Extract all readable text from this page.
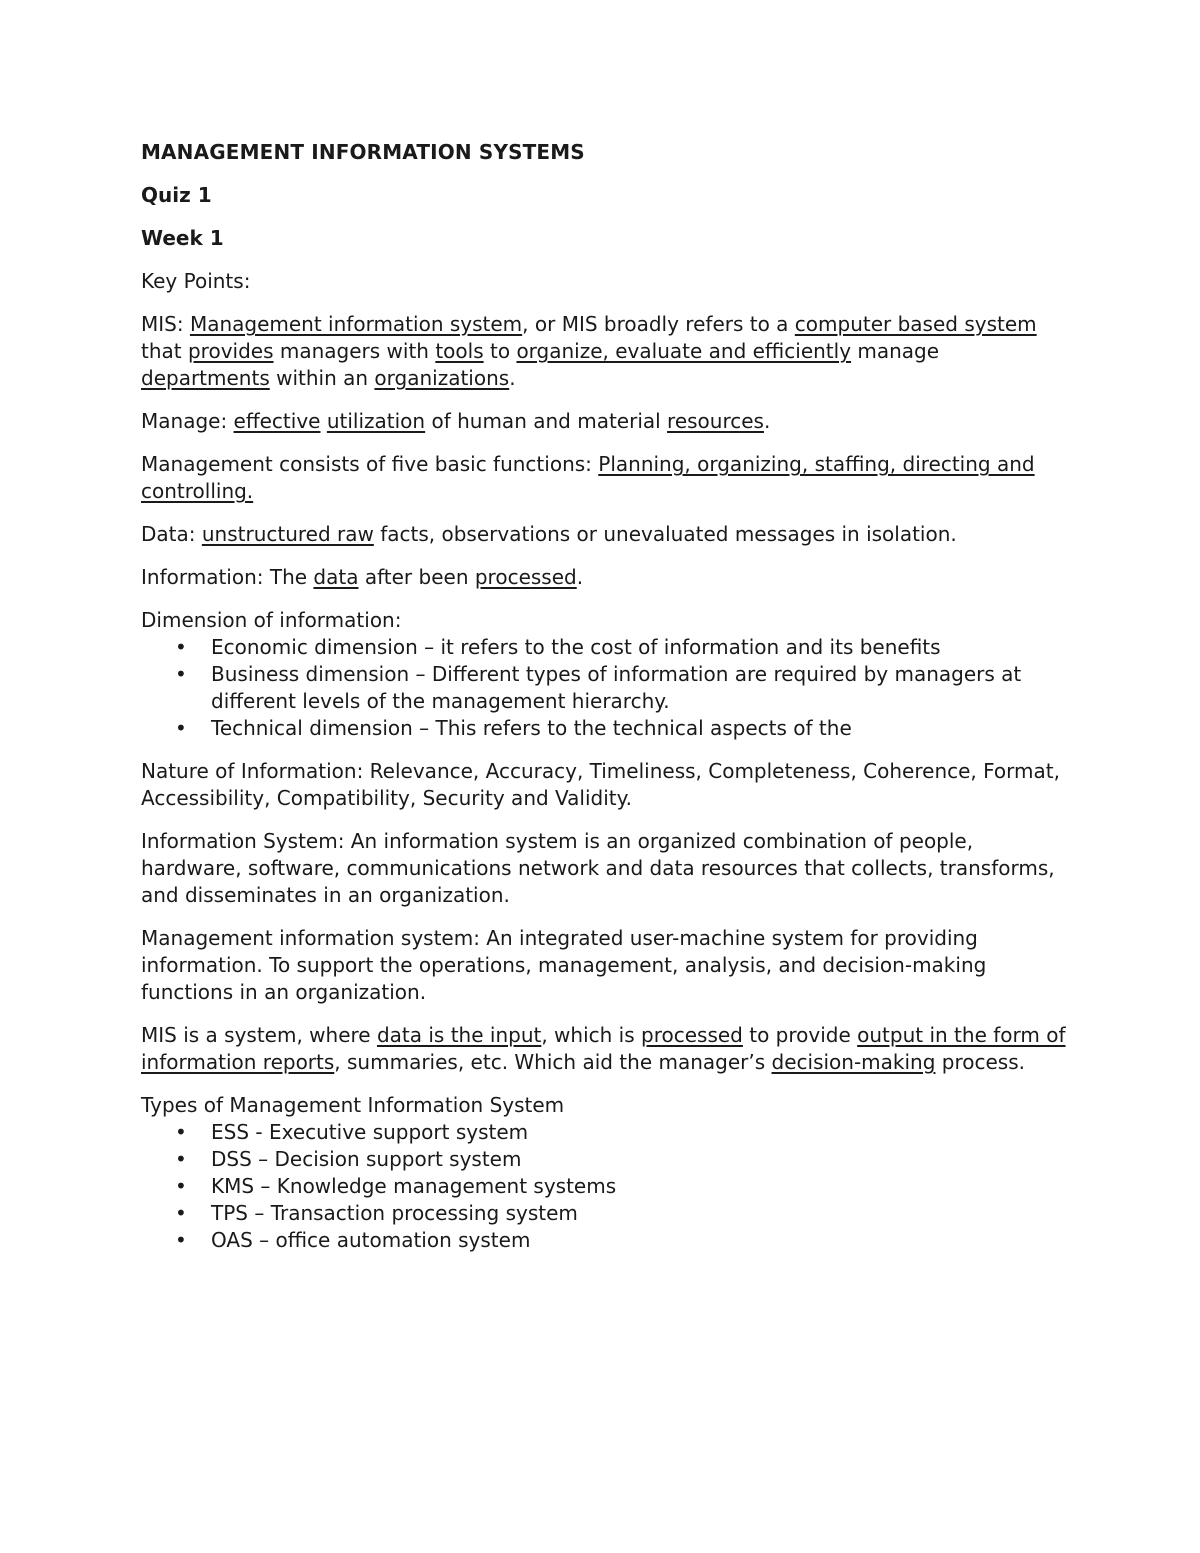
MANAGEMENT INFORMATION SYSTEMS
Quiz 1
Week 1
Key Points:
MIS: Management information system, or MIS broadly refers to a computer based system that provides managers with tools to organize, evaluate and efficiently manage departments within an organizations.
Manage: effective utilization of human and material resources.
Management consists of five basic functions: Planning, organizing, staffing, directing and controlling.
Data: unstructured raw facts, observations or unevaluated messages in isolation.
Information: The data after been processed.
Dimension of information:
• Economic dimension – it refers to the cost of information and its benefits
• Business dimension – Different types of information are required by managers at different levels of the management hierarchy.
• Technical dimension – This refers to the technical aspects of the
Nature of Information: Relevance, Accuracy, Timeliness, Completeness, Coherence, Format, Accessibility, Compatibility, Security and Validity.
Information System: An information system is an organized combination of people, hardware, software, communications network and data resources that collects, transforms, and disseminates in an organization.
Management information system: An integrated user-machine system for providing information. To support the operations, management, analysis, and decision-making functions in an organization.
MIS is a system, where data is the input, which is processed to provide output in the form of information reports, summaries, etc. Which aid the manager’s decision-making process.
Types of Management Information System
• ESS - Executive support system
• DSS – Decision support system
• KMS – Knowledge management systems
• TPS – Transaction processing system
• OAS – office automation system
